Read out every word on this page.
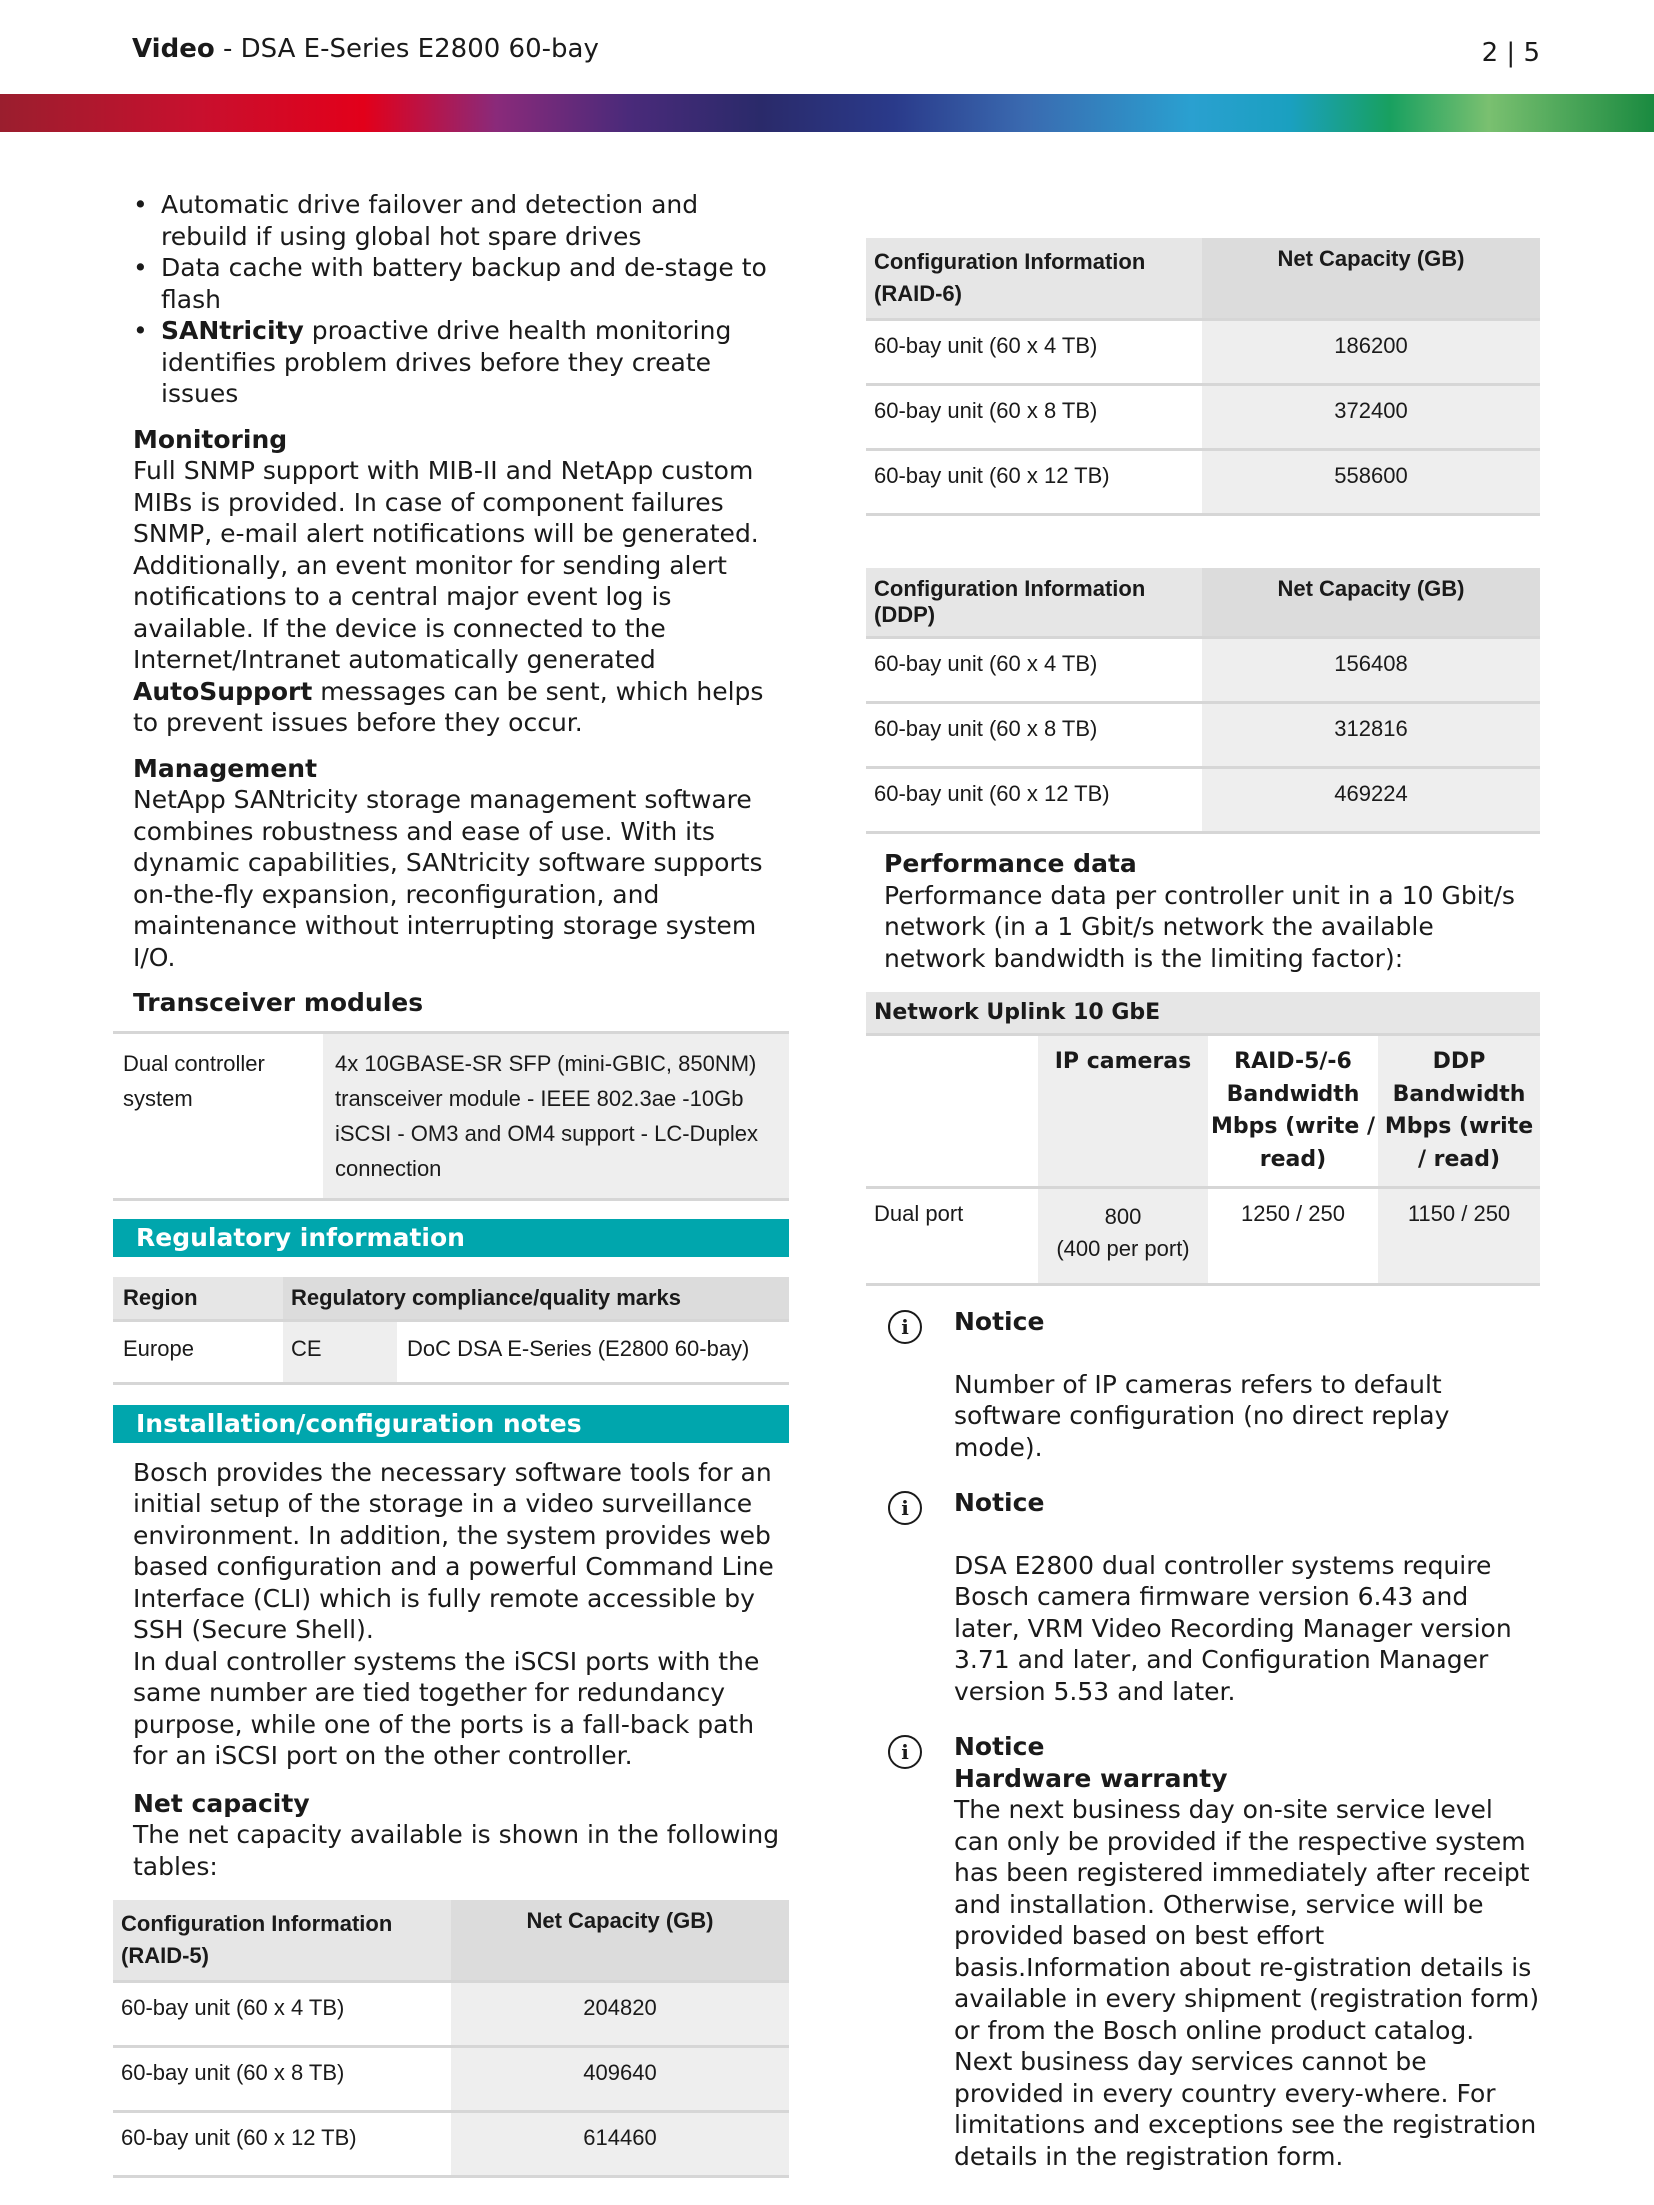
Video - DSA E-Series E2800 60-bay	2 | 5
• Automatic drive failover and detection and rebuild if using global hot spare drives
• Data cache with battery backup and de-stage to flash
• SANtricity proactive drive health monitoring identifies problem drives before they create issues
Monitoring

Full SNMP support with MIB-II and NetApp custom MIBs is provided. In case of component failures SNMP, e-mail alert notifications will be generated. Additionally, an event monitor for sending alert notifications to a central major event log is available. If the device is connected to the Internet/Intranet automatically generated AutoSupport messages can be sent, which helps to prevent issues before they occur.

Management

NetApp SANtricity storage management software combines robustness and ease of use. With its dynamic capabilities, SANtricity software supports on-the-fly expansion, reconfiguration, and maintenance without interrupting storage system I/O.

Transceiver modules
Dual controller system	4x 10GBASE-SR SFP (mini-GBIC, 850NM) transceiver module - IEEE 802.3ae -10Gb iSCSI - OM3 and OM4 support - LC-Duplex connection
Regulatory information
Region	Regulatory compliance/quality marks	
Europe	CE	DoC DSA E-Series (E2800 60-bay)
Installation/configuration notes

Bosch provides the necessary software tools for an initial setup of the storage in a video surveillance environment. In addition, the system provides web based configuration and a powerful Command Line Interface (CLI) which is fully remote accessible by SSH (Secure Shell).

In dual controller systems the iSCSI ports with the same number are tied together for redundancy purpose, while one of the ports is a fall-back path for an iSCSI port on the other controller.

Net capacity

The net capacity available is shown in the following tables:

Configuration Information (RAID-5)	Net Capacity (GB)
60-bay unit (60 x 4 TB)	204820
60-bay unit (60 x 8 TB)	409640
60-bay unit (60 x 12 TB)	614460
Configuration Information (RAID-6)	Net Capacity (GB)
60-bay unit (60 x 4 TB)	186200
60-bay unit (60 x 8 TB)	372400
60-bay unit (60 x 12 TB)	558600
Configuration Information (DDP)	Net Capacity (GB)
60-bay unit (60 x 4 TB)	156408
60-bay unit (60 x 8 TB)	312816
60-bay unit (60 x 12 TB)	469224
Performance data

Performance data per controller unit in a 10 Gbit/s network (in a 1 Gbit/s network the available network bandwidth is the limiting factor):

Network Uplink 10 GbE			
	IP cameras	RAID-5/-6 Bandwidth Mbps (write / read)	DDP Bandwidth Mbps (write / read)
Dual port	800
(400 per port)	1250 / 250	1150 / 250
i	Notice

Number of IP cameras refers to default software configuration (no direct replay mode).

i	Notice

DSA E2800 dual controller systems require Bosch camera firmware version 6.43 and later, VRM Video Recording Manager version 3.71 and later, and Configuration Manager version 5.53 and later.

i	Notice
Hardware warranty

The next business day on-site service level can only be provided if the respective system has been registered immediately after receipt and installation. Otherwise, service will be provided based on best effort basis.Information about re-gistration details is available in every shipment (registration form) or from the Bosch online product catalog. Next business day services cannot be provided in every country every-where. For limitations and exceptions see the registration details in the registration form.
